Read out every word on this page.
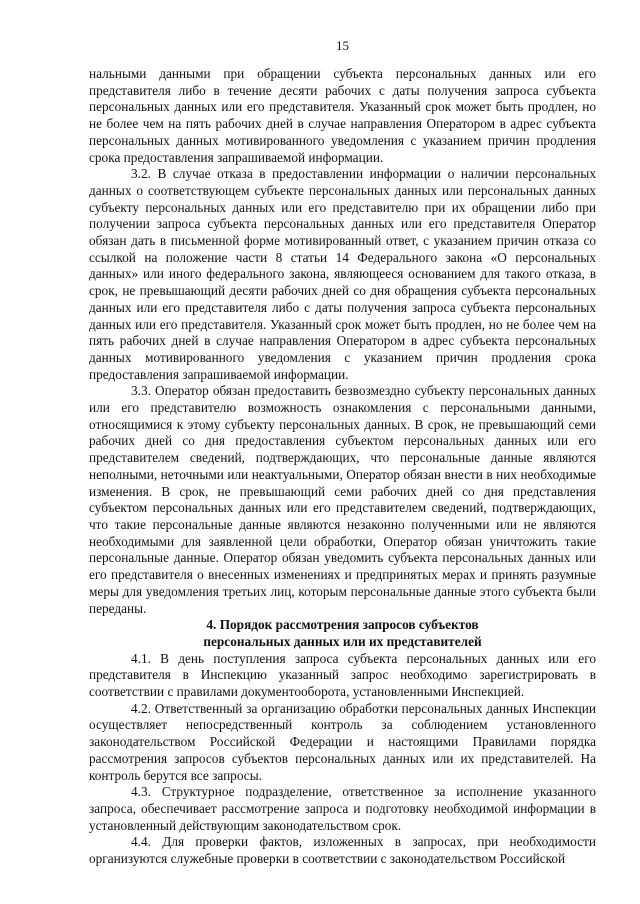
15

нальными данными при обращении субъекта персональных данных или его представителя либо в течение десяти рабочих с даты получения запроса субъекта персональных данных или его представителя. Указанный срок может быть продлен, но не более чем на пять рабочих дней в случае направления Оператором в адрес субъекта персональных данных мотивированного уведомления с указанием причин продления срока предоставления запрашиваемой информации.

3.2. В случае отказа в предоставлении информации о наличии персональных данных о соответствующем субъекте персональных данных или персональных данных субъекту персональных данных или его представителю при их обращении либо при получении запроса субъекта персональных данных или его представителя Оператор обязан дать в письменной форме мотивированный ответ, с указанием причин отказа со ссылкой на положение части 8 статьи 14 Федерального закона «О персональных данных» или иного федерального закона, являющееся основанием для такого отказа, в срок, не превышающий десяти рабочих дней со дня обращения субъекта персональных данных или его представителя либо с даты получения запроса субъекта персональных данных или его представителя. Указанный срок может быть продлен, но не более чем на пять рабочих дней в случае направления Оператором в адрес субъекта персональных данных мотивированного уведомления с указанием причин продления срока предоставления запрашиваемой информации.

3.3. Оператор обязан предоставить безвозмездно субъекту персональных данных или его представителю возможность ознакомления с персональными данными, относящимися к этому субъекту персональных данных. В срок, не превышающий семи рабочих дней со дня предоставления субъектом персональных данных или его представителем сведений, подтверждающих, что персональные данные являются неполными, неточными или неактуальными, Оператор обязан внести в них необходимые изменения. В срок, не превышающий семи рабочих дней со дня представления субъектом персональных данных или его представителем сведений, подтверждающих, что такие персональные данные являются незаконно полученными или не являются необходимыми для заявленной цели обработки, Оператор обязан уничтожить такие персональные данные. Оператор обязан уведомить субъекта персональных данных или его представителя о внесенных изменениях и предпринятых мерах и принять разумные меры для уведомления третьих лиц, которым персональные данные этого субъекта были переданы.

4. Порядок рассмотрения запросов субъектов
персональных данных или их представителей

4.1. В день поступления запроса субъекта персональных данных или его представителя в Инспекцию указанный запрос необходимо зарегистрировать в соответствии с правилами документооборота, установленными Инспекцией.

4.2. Ответственный за организацию обработки персональных данных Инспекции осуществляет непосредственный контроль за соблюдением установленного законодательством Российской Федерации и настоящими Правилами порядка рассмотрения запросов субъектов персональных данных или их представителей. На контроль берутся все запросы.

4.3. Структурное подразделение, ответственное за исполнение указанного запроса, обеспечивает рассмотрение запроса и подготовку необходимой информации в установленный действующим законодательством срок.

4.4. Для проверки фактов, изложенных в запросах, при необходимости организуются служебные проверки в соответствии с законодательством Российской
